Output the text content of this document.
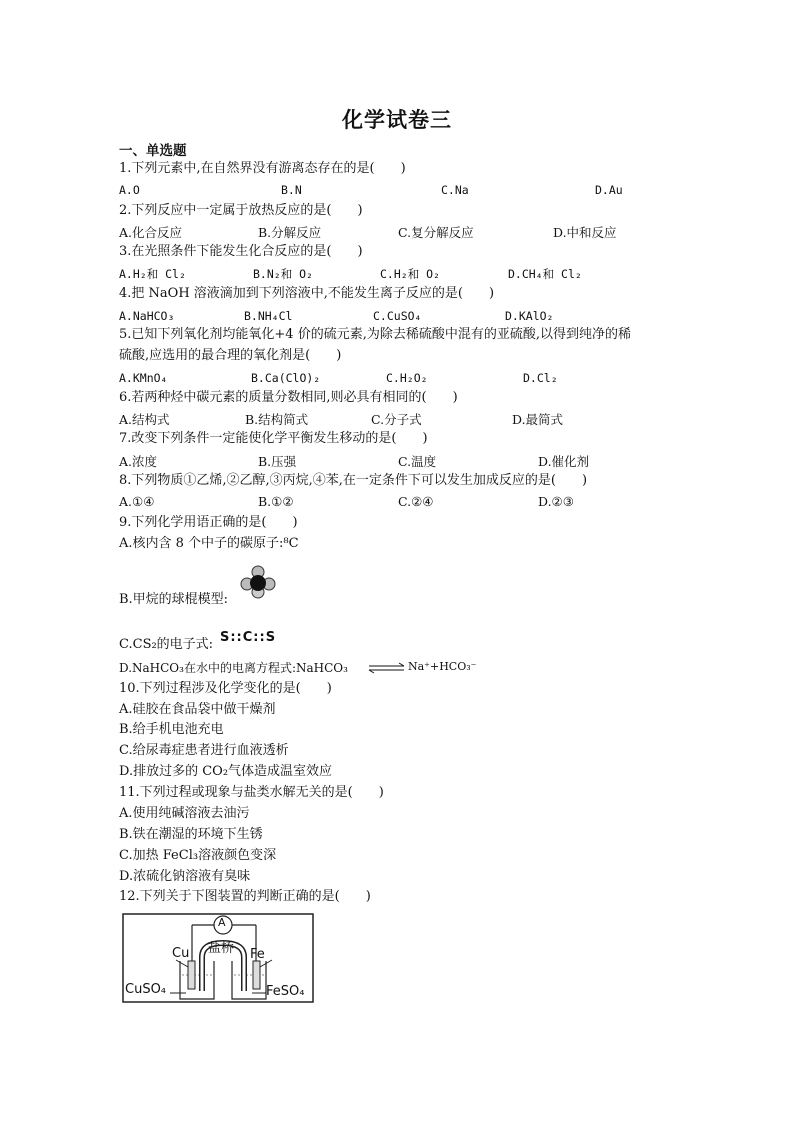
化学试卷三
一、单选题
1.下列元素中,在自然界没有游离态存在的是(　　)
A.O	B.N	C.Na	D.Au
2.下列反应中一定属于放热反应的是(　　)
A.化合反应	B.分解反应	C.复分解反应	D.中和反应
3.在光照条件下能发生化合反应的是(　　)
A.H₂和 Cl₂	B.N₂和 O₂	C.H₂和 O₂	D.CH₄和 Cl₂
4.把 NaOH 溶液滴加到下列溶液中,不能发生离子反应的是(　　)
A.NaHCO₃	B.NH₄Cl	C.CuSO₄	D.KAlO₂
5.已知下列氧化剂均能氧化+4 价的硫元素,为除去稀硫酸中混有的亚硫酸,以得到纯净的稀
硫酸,应选用的最合理的氧化剂是(　　)
A.KMnO₄	B.Ca(ClO)₂	C.H₂O₂	D.Cl₂
6.若两种烃中碳元素的质量分数相同,则必具有相同的(　　)
A.结构式	B.结构简式	C.分子式	D.最简式
7.改变下列条件一定能使化学平衡发生移动的是(　　)
A.浓度	B.压强	C.温度	D.催化剂
8.下列物质①乙烯,②乙醇,③丙烷,④苯,在一定条件下可以发生加成反应的是(　　)
A.①④	B.①②	C.②④	D.②③
9.下列化学用语正确的是(　　)
A.核内含 8 个中子的碳原子:⁸C
B.甲烷的球棍模型:
C.CS₂的电子式: S::C::S
D.NaHCO₃在水中的电离方程式:NaHCO₃ ⇌ Na⁺+HCO₃⁻
10.下列过程涉及化学变化的是(　　)
A.硅胶在食品袋中做干燥剂
B.给手机电池充电
C.给尿毒症患者进行血液透析
D.排放过多的 CO₂气体造成温室效应
11.下列过程或现象与盐类水解无关的是(　　)
A.使用纯碱溶液去油污
B.铁在潮湿的环境下生锈
C.加热 FeCl₃溶液颜色变深
D.浓硫化钠溶液有臭味
12.下列关于下图装置的判断正确的是(　　)
A
盐桥
Cu	Fe
CuSO₄	FeSO₄
